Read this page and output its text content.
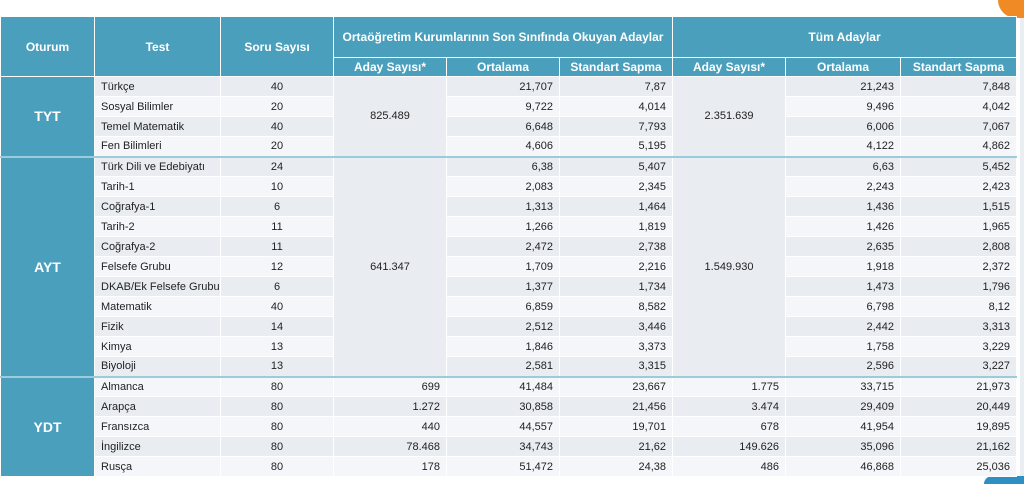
Oturum	Test	Soru Sayısı	Ortaöğretim Kurumlarının Son Sınıfında Okuyan Adaylar			Tüm Adaylar		
			Aday Sayısı*	Ortalama	Standart Sapma	Aday Sayısı*	Ortalama	Standart Sapma
TYT	Türkçe	40	825.489	21,707	7,87	2.351.639	21,243	7,848
	Sosyal Bilimler	20		9,722	4,014		9,496	4,042
	Temel Matematik	40		6,648	7,793		6,006	7,067
	Fen Bilimleri	20		4,606	5,195		4,122	4,862
AYT	Türk Dili ve Edebiyatı	24	641.347	6,38	5,407	1.549.930	6,63	5,452
	Tarih-1	10		2,083	2,345		2,243	2,423
	Coğrafya-1	6		1,313	1,464		1,436	1,515
	Tarih-2	11		1,266	1,819		1,426	1,965
	Coğrafya-2	11		2,472	2,738		2,635	2,808
	Felsefe Grubu	12		1,709	2,216		1,918	2,372
	DKAB/Ek Felsefe Grubu	6		1,377	1,734		1,473	1,796
	Matematik	40		6,859	8,582		6,798	8,12
	Fizik	14		2,512	3,446		2,442	3,313
	Kimya	13		1,846	3,373		1,758	3,229
	Biyoloji	13		2,581	3,315		2,596	3,227
YDT	Almanca	80	699	41,484	23,667	1.775	33,715	21,973
	Arapça	80	1.272	30,858	21,456	3.474	29,409	20,449
	Fransızca	80	440	44,557	19,701	678	41,954	19,895
	İngilizce	80	78.468	34,743	21,62	149.626	35,096	21,162
	Rusça	80	178	51,472	24,38	486	46,868	25,036
